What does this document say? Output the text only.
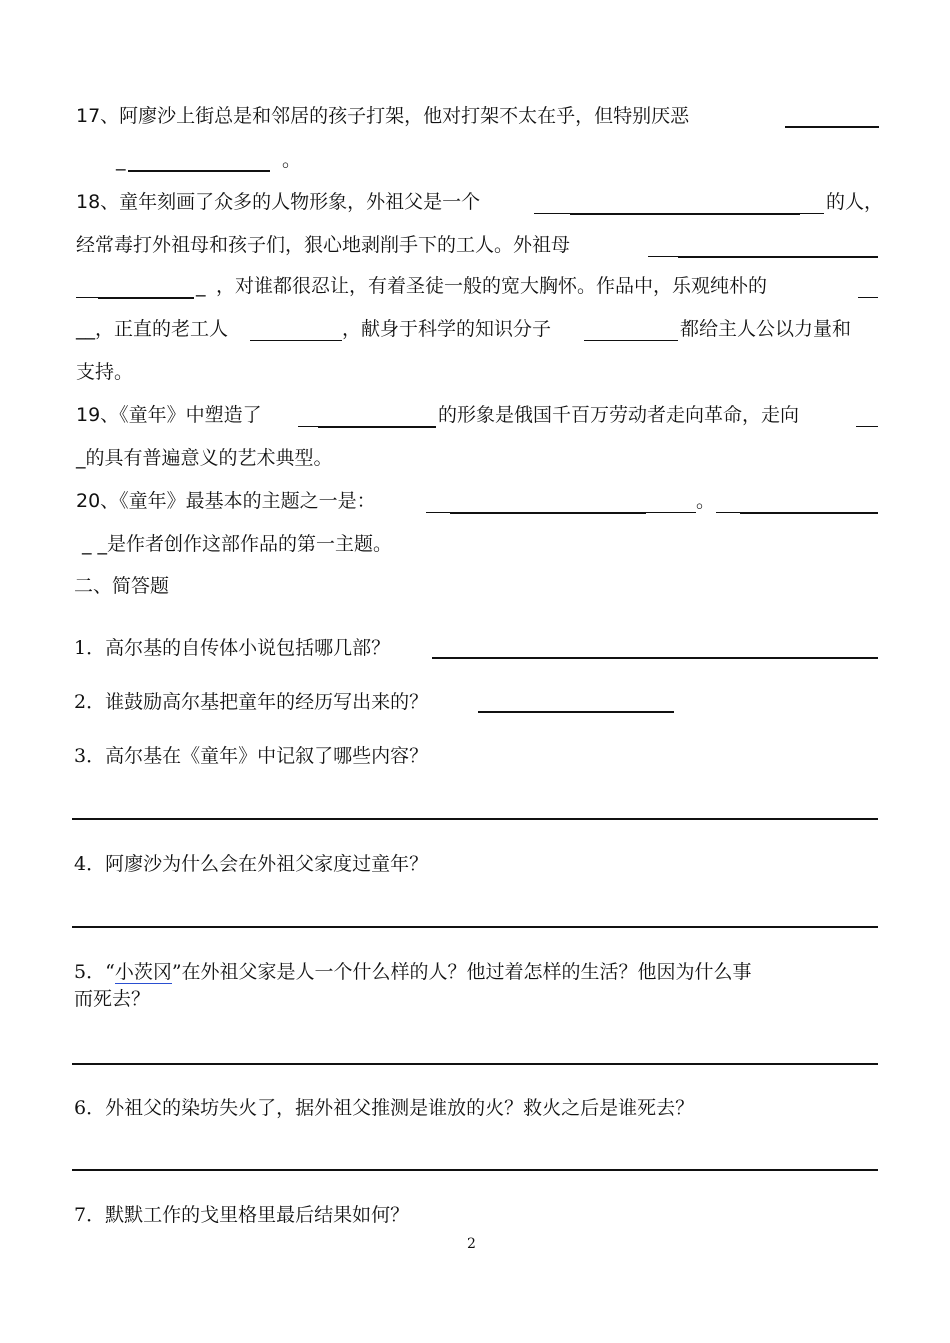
17、阿廖沙上街总是和邻居的孩子打架，他对打架不太在乎，但特别厌恶
_	。
18、童年刻画了众多的人物形象，外祖父是一个	的人，
经常毒打外祖母和孩子们，狠心地剥削手下的工人。外祖母
_ ，对谁都很忍让，有着圣徒一般的宽大胸怀。作品中，乐观纯朴的
__，正直的老工人	，献身于科学的知识分子	都给主人公以力量和
支持。
19、《童年》中塑造了	的形象是俄国千百万劳动者走向革命，走向
_的具有普遍意义的艺术典型。
20、《童年》最基本的主题之一是：	。
_ _是作者创作这部作品的第一主题。
二、简答题
1．高尔基的自传体小说包括哪几部？
2．谁鼓励高尔基把童年的经历写出来的？
3．高尔基在《童年》中记叙了哪些内容？
4．阿廖沙为什么会在外祖父家度过童年？
5．“小茨冈”在外祖父家是人一个什么样的人？他过着怎样的生活？他因为什么事
而死去？
6．外祖父的染坊失火了，据外祖父推测是谁放的火？救火之后是谁死去？
7．默默工作的戈里格里最后结果如何？
2
